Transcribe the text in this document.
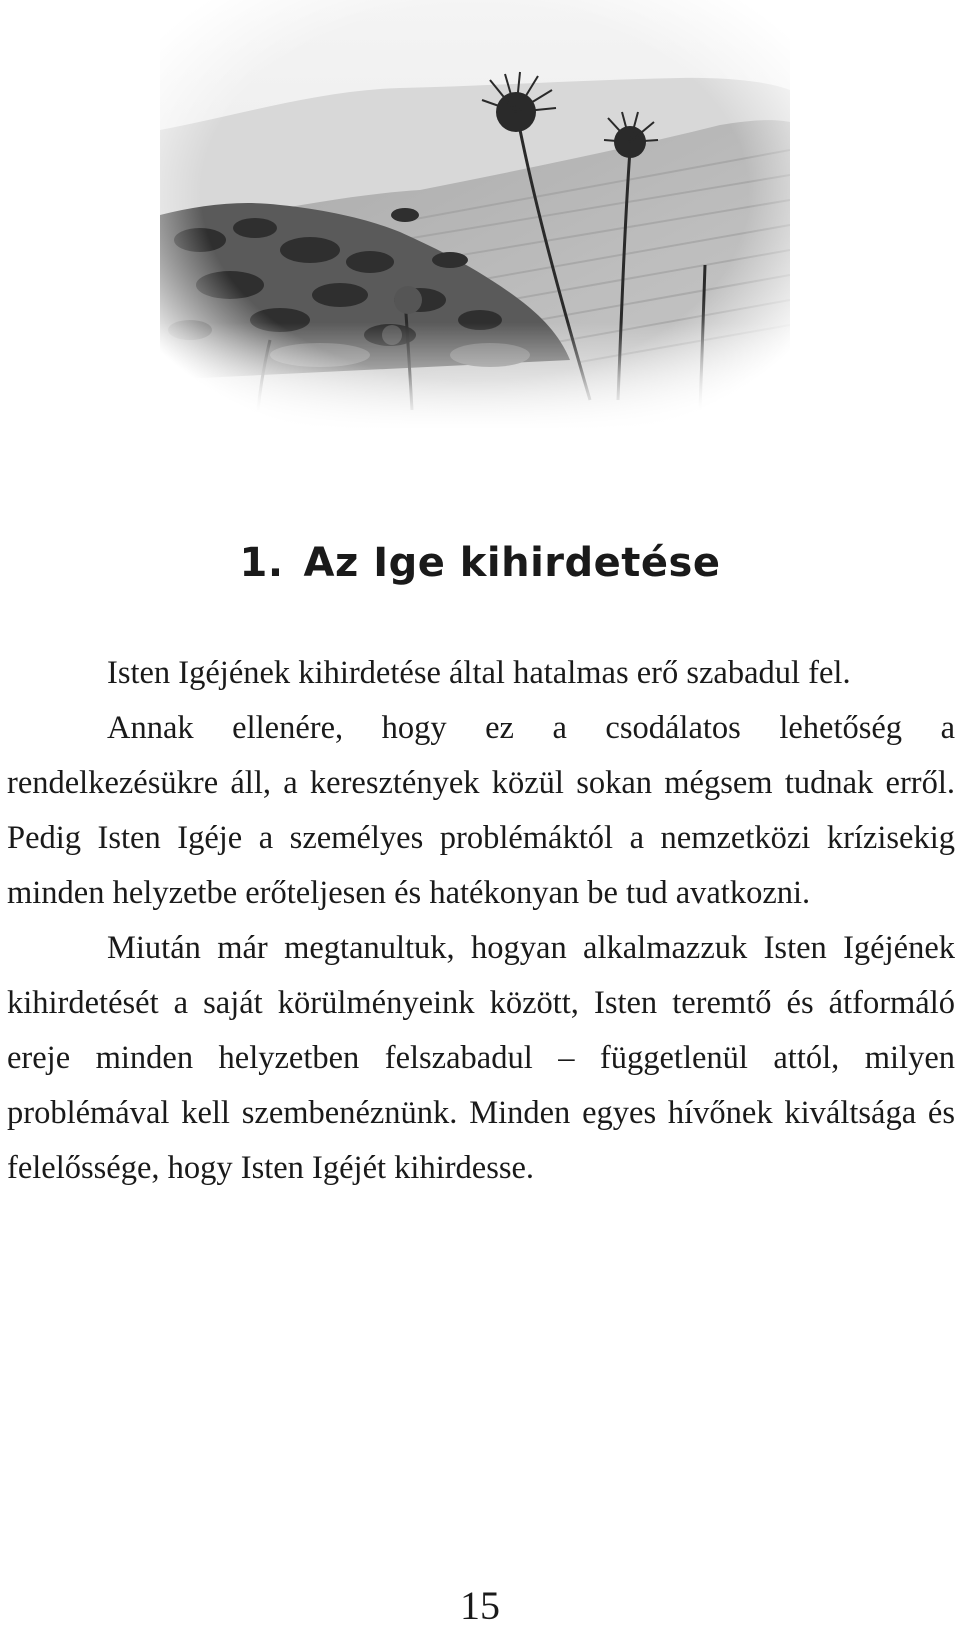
1. Az Ige kihirdetése

Isten Igéjének kihirdetése által hatalmas erő szabadul fel.

Annak ellenére, hogy ez a csodálatos lehetőség a rendelkezésükre áll, a keresztények közül sokan mégsem tudnak erről. Pedig Isten Igéje a személyes problémáktól a nemzetközi krízisekig minden helyzetbe erőteljesen és hatékonyan be tud avatkozni.

Miután már megtanultuk, hogyan alkalmazzuk Isten Igéjének kihirdetését a saját körülményeink között, Isten teremtő és átformáló ereje minden helyzetben felszabadul – függetlenül attól, milyen problémával kell szembenéznünk. Minden egyes hívőnek kiváltsága és felelőssége, hogy Isten Igéjét kihirdesse.

15
